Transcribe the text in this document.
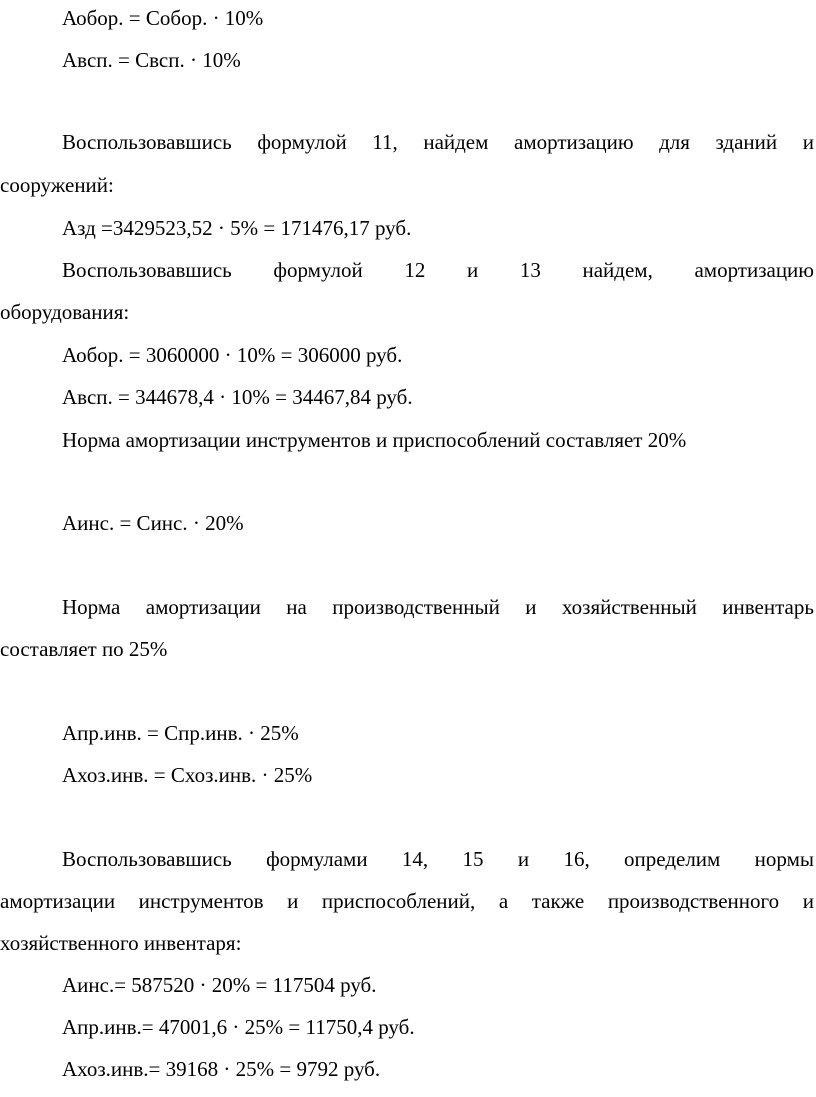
Аобор. = Собор. · 10%
Авсп. = Свсп. · 10%
Воспользовавшись формулой 11, найдем амортизацию для зданий и
сооружений:
Азд =3429523,52 · 5% = 171476,17 руб.
Воспользовавшись формулой 12 и 13 найдем, амортизацию
оборудования:
Аобор. = 3060000 · 10% = 306000 руб.
Авсп. = 344678,4 · 10% = 34467,84 руб.
Норма амортизации инструментов и приспособлений составляет 20%
Аинс. = Синс. · 20%
Норма амортизации на производственный и хозяйственный инвентарь
составляет по 25%
Апр.инв. = Спр.инв. · 25%
Ахоз.инв. = Схоз.инв. · 25%
Воспользовавшись формулами 14, 15 и 16, определим нормы
амортизации инструментов и приспособлений, а также производственного и
хозяйственного инвентаря:
Аинс.= 587520 · 20% = 117504 руб.
Апр.инв.= 47001,6 · 25% = 11750,4 руб.
Ахоз.инв.= 39168 · 25% = 9792 руб.
